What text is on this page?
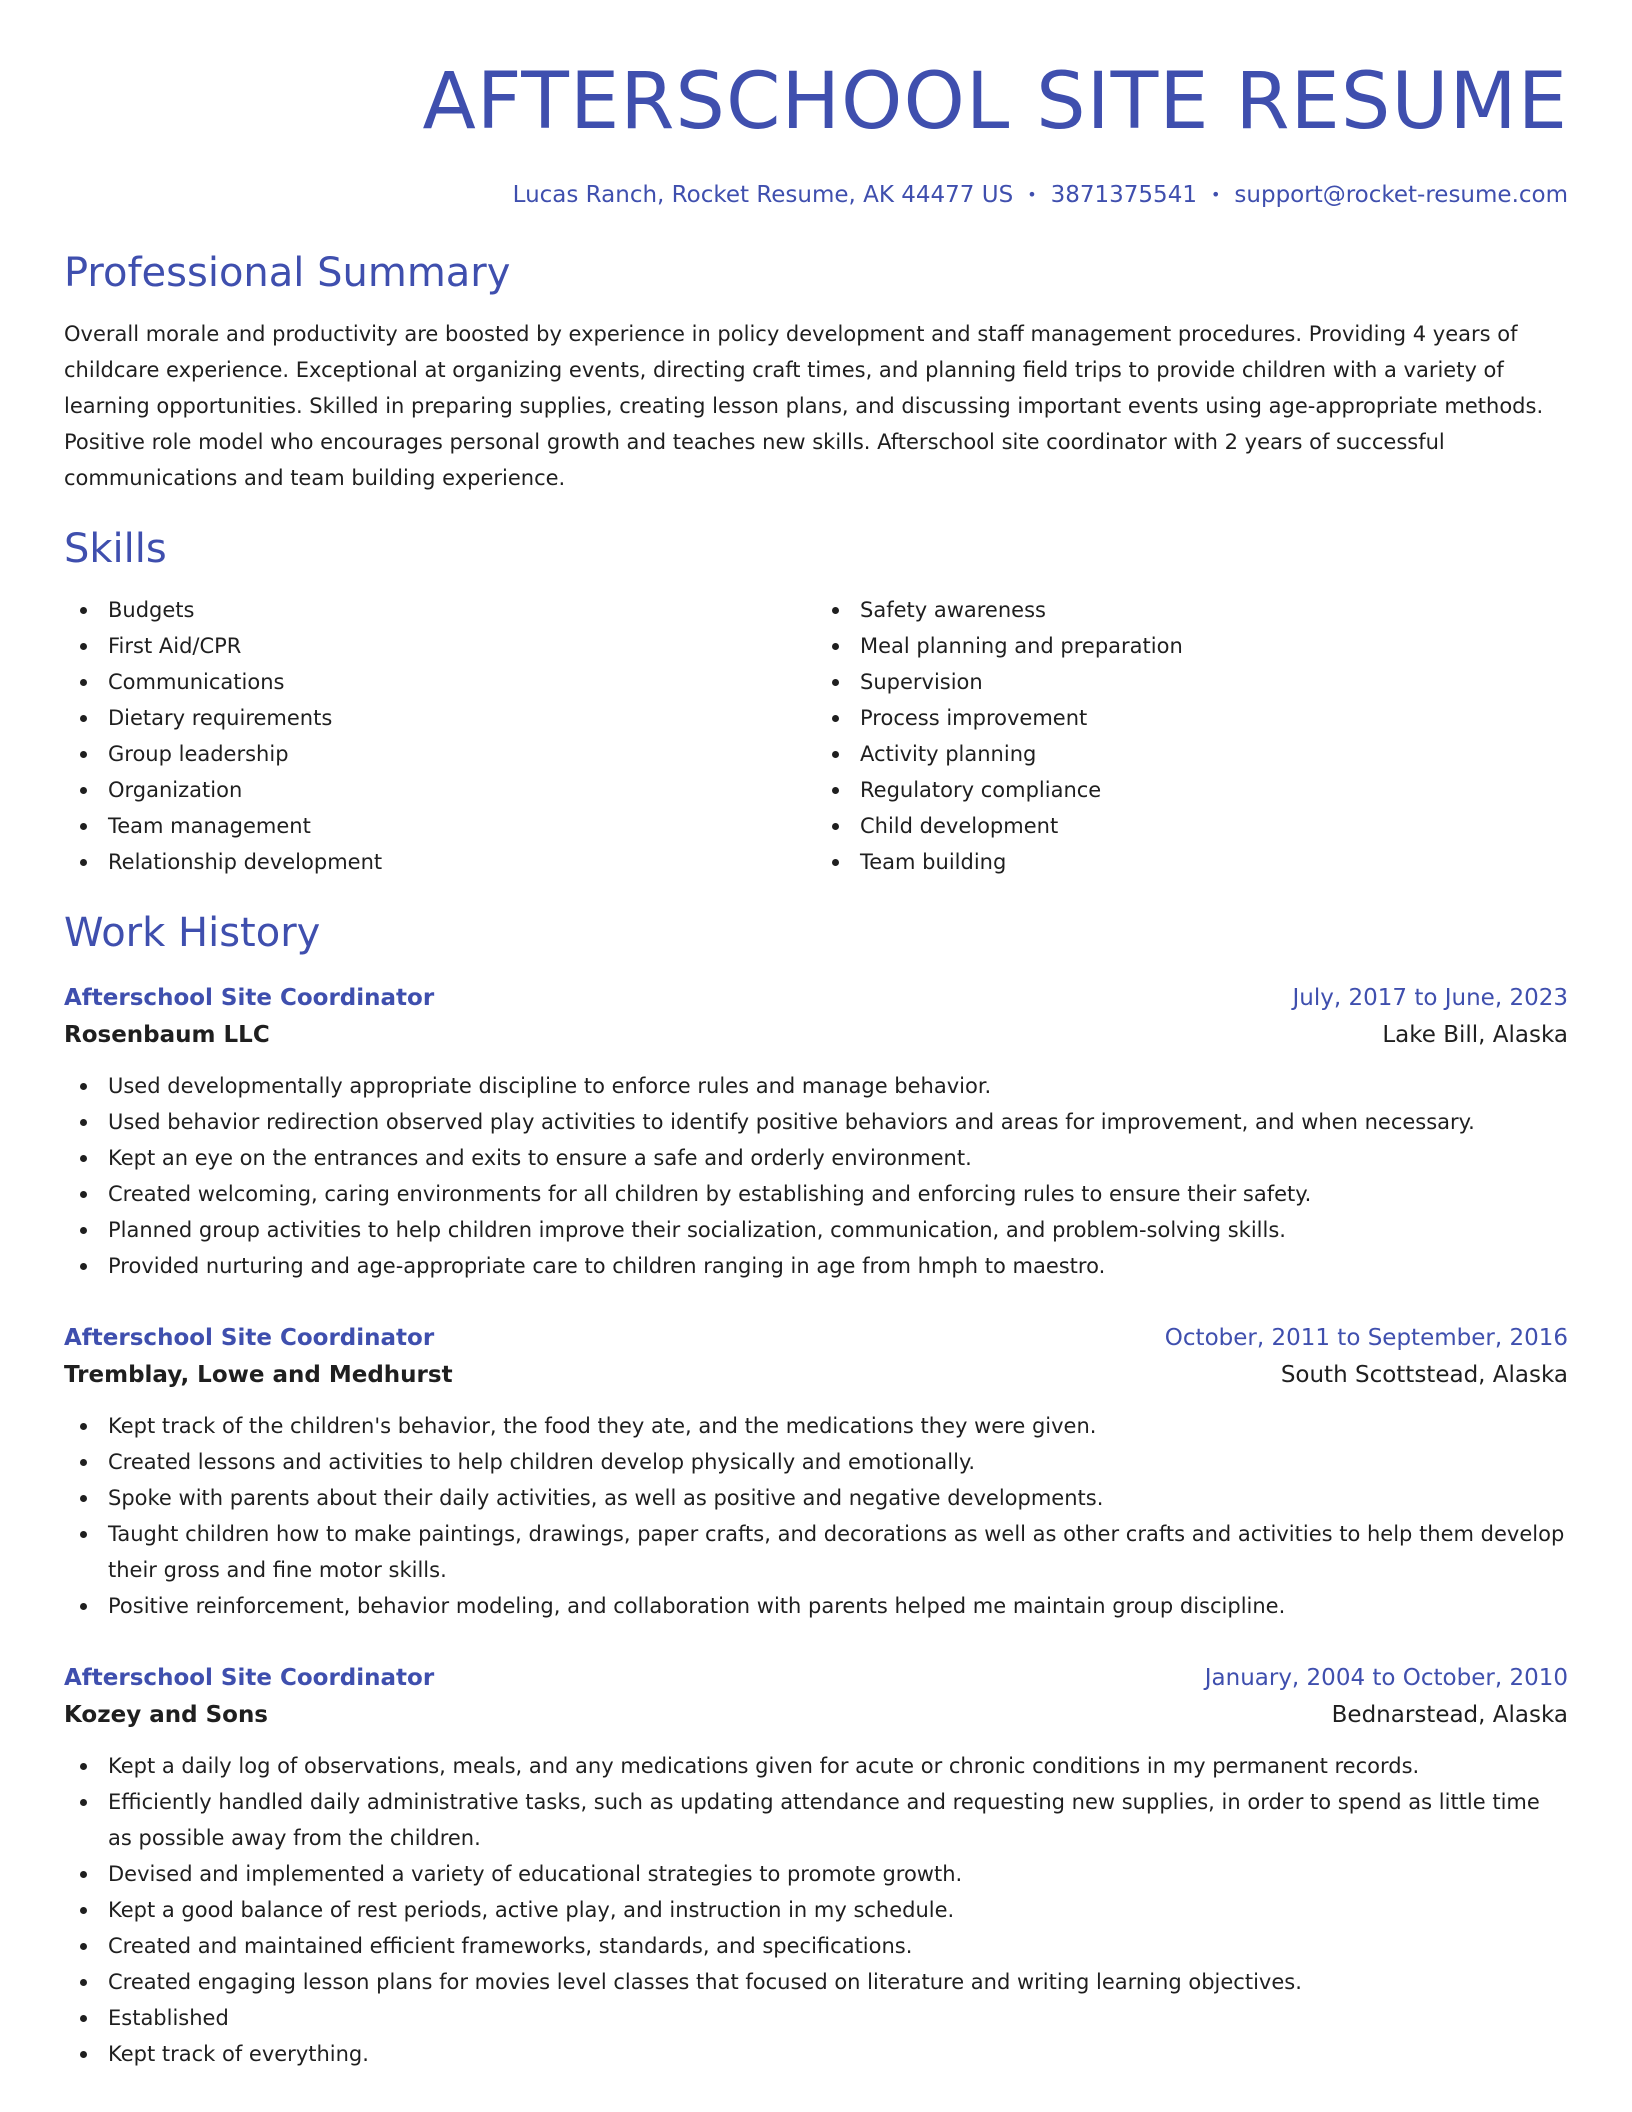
AFTERSCHOOL SITE RESUME
Lucas Ranch, Rocket Resume, AK 44477 US • 3871375541 • support@rocket-resume.com
Professional Summary
Overall morale and productivity are boosted by experience in policy development and staff management procedures. Providing 4 years of childcare experience. Exceptional at organizing events, directing craft times, and planning field trips to provide children with a variety of learning opportunities. Skilled in preparing supplies, creating lesson plans, and discussing important events using age-appropriate methods. Positive role model who encourages personal growth and teaches new skills. Afterschool site coordinator with 2 years of successful communications and team building experience.
Skills
Budgets
First Aid/CPR
Communications
Dietary requirements
Group leadership
Organization
Team management
Relationship development
Safety awareness
Meal planning and preparation
Supervision
Process improvement
Activity planning
Regulatory compliance
Child development
Team building
Work History
Afterschool Site Coordinator	July, 2017 to June, 2023
Rosenbaum LLC	Lake Bill, Alaska
Used developmentally appropriate discipline to enforce rules and manage behavior.
Used behavior redirection observed play activities to identify positive behaviors and areas for improvement, and when necessary.
Kept an eye on the entrances and exits to ensure a safe and orderly environment.
Created welcoming, caring environments for all children by establishing and enforcing rules to ensure their safety.
Planned group activities to help children improve their socialization, communication, and problem-solving skills.
Provided nurturing and age-appropriate care to children ranging in age from hmph to maestro.
Afterschool Site Coordinator	October, 2011 to September, 2016
Tremblay, Lowe and Medhurst	South Scottstead, Alaska
Kept track of the children's behavior, the food they ate, and the medications they were given.
Created lessons and activities to help children develop physically and emotionally.
Spoke with parents about their daily activities, as well as positive and negative developments.
Taught children how to make paintings, drawings, paper crafts, and decorations as well as other crafts and activities to help them develop their gross and fine motor skills.
Positive reinforcement, behavior modeling, and collaboration with parents helped me maintain group discipline.
Afterschool Site Coordinator	January, 2004 to October, 2010
Kozey and Sons	Bednarstead, Alaska
Kept a daily log of observations, meals, and any medications given for acute or chronic conditions in my permanent records.
Efficiently handled daily administrative tasks, such as updating attendance and requesting new supplies, in order to spend as little time as possible away from the children.
Devised and implemented a variety of educational strategies to promote growth.
Kept a good balance of rest periods, active play, and instruction in my schedule.
Created and maintained efficient frameworks, standards, and specifications.
Created engaging lesson plans for movies level classes that focused on literature and writing learning objectives.
Established
Kept track of everything.
